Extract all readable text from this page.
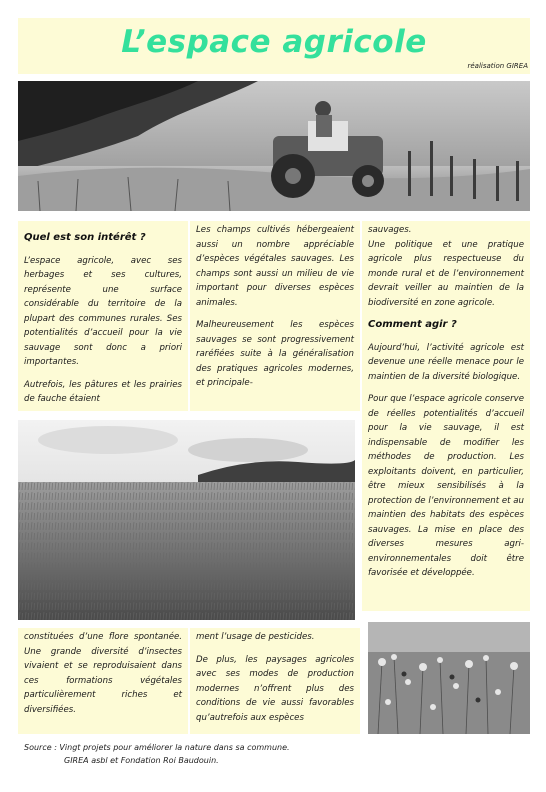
L’espace agricole
réalisation GIREA
Quel est son intérêt ?

L’espace agricole, avec ses herbages et ses cultures, représente une surface considérable du territoire de la plupart des communes rurales. Ses potentialités d’accueil pour la vie sauvage sont donc a priori importantes.

Autrefois, les pâtures et les prairies de fauche étaient

Les champs cultivés hébergeaient aussi un nombre appréciable d’espèces végétales sauvages. Les champs sont aussi un milieu de vie important pour diverses espèces animales.

Malheureusement les espèces sauvages se sont progressivement raréfiées suite à la généralisation des pratiques agricoles modernes, et principale-

sauvages.

Une politique et une pratique agricole plus respectueuse du monde rural et de l’environnement devrait veiller au maintien de la biodiversité en zone agricole.

Comment agir ?

Aujourd’hui, l’activité agricole est devenue une réelle menace pour le maintien de la diversité biologique.

Pour que l’espace agricole conserve de réelles potentialités d’accueil pour la vie sauvage, il est indispensable de modifier les méthodes de production. Les exploitants doivent, en particulier, être mieux sensibilisés à la protection de l’environnement et au maintien des habitats des espèces sauvages. La mise en place des diverses mesures agri-environnementales doit être favorisée et développée.

constituées d’une flore spontanée. Une grande diversité d’insectes vivaient et se reproduisaient dans ces formations végétales particulièrement riches et diversifiées.

ment l’usage de pesticides.

De plus, les paysages agricoles avec ses modes de production modernes n’offrent plus des conditions de vie aussi favorables qu’autrefois aux espèces

Source : Vingt projets pour améliorer la nature dans sa commune.
GIREA asbl et Fondation Roi Baudouin.
